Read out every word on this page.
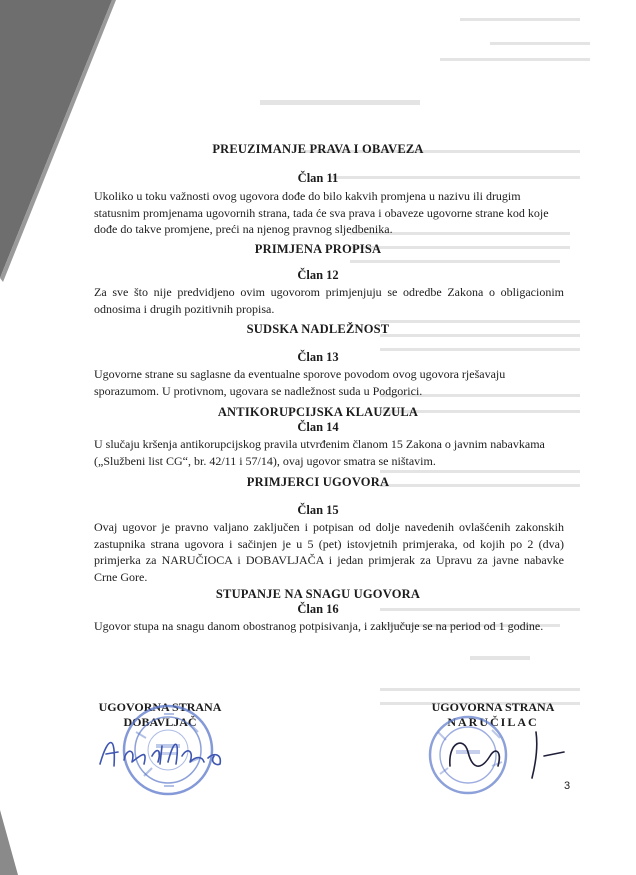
PREUZIMANJE PRAVA I OBAVEZA
Član 11
Ukoliko u toku važnosti ovog ugovora dođe do bilo kakvih promjena u nazivu ili drugim statusnim promjenama ugovornih strana, tada će sva prava i obaveze ugovorne strane kod koje dođe do takve promjene, preći na njenog pravnog sljedbenika.
PRIMJENA PROPISA
Član 12
Za sve što nije predvidjeno ovim ugovorom primjenjuju se odredbe Zakona o obligacionim odnosima i drugih pozitivnih propisa.
SUDSKA NADLEŽNOST
Član 13
Ugovorne strane su saglasne da eventualne sporove povodom ovog ugovora rješavaju sporazumom. U protivnom, ugovara se nadležnost suda u Podgorici.
ANTIKORUPCIJSKA KLAUZULA
Član 14
U slučaju kršenja antikorupcijskog pravila utvrđenim članom 15 Zakona o javnim nabavkama („Službeni list CG“, br. 42/11 i 57/14), ovaj ugovor smatra se ništavim.
PRIMJERCI UGOVORA
Član 15
Ovaj ugovor je pravno valjano zaključen i potpisan od dolje navedenih ovlašćenih zakonskih zastupnika strana ugovora i sačinjen je u 5 (pet) istovjetnih primjeraka, od kojih po 2 (dva) primjerka za NARUČIOCA i DOBAVLJAČA i jedan primjerak za Upravu za javne nabavke Crne Gore.
STUPANJE NA SNAGU UGOVORA
Član 16
Ugovor stupa na snagu danom obostranog potpisivanja, i zaključuje se na period od 1 godine.
UGOVORNA STRANA
DOBAVLJAČ
UGOVORNA STRANA
NARUČILAC
3
